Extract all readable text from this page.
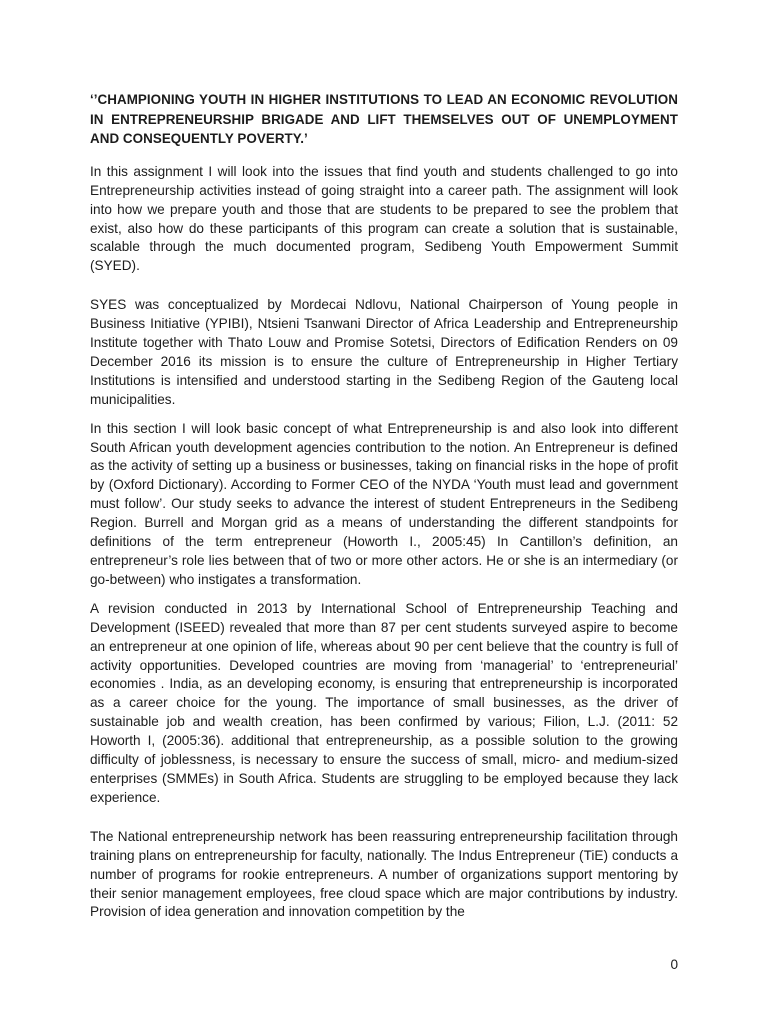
‘’CHAMPIONING YOUTH IN HIGHER INSTITUTIONS TO LEAD AN ECONOMIC REVOLUTION IN ENTREPRENEURSHIP BRIGADE AND LIFT THEMSELVES OUT OF UNEMPLOYMENT AND CONSEQUENTLY POVERTY.’

In this assignment I will look into the issues that find youth and students challenged to go into Entrepreneurship activities instead of going straight into a career path. The assignment will look into how we prepare youth and those that are students to be prepared to see the problem that exist, also how do these participants of this program can create a solution that is sustainable, scalable through the much documented program, Sedibeng Youth Empowerment Summit (SYED).

SYES was conceptualized by Mordecai Ndlovu, National Chairperson of Young people in Business Initiative (YPIBI), Ntsieni Tsanwani Director of Africa Leadership and Entrepreneurship Institute together with Thato Louw and Promise Sotetsi, Directors of Edification Renders on 09 December 2016 its mission is to ensure the culture of Entrepreneurship in Higher Tertiary Institutions is intensified and understood starting in the Sedibeng Region of the Gauteng local municipalities.

In this section I will look basic concept of what Entrepreneurship is and also look into different South African youth development agencies contribution to the notion. An Entrepreneur is defined as the activity of setting up a business or businesses, taking on financial risks in the hope of profit by (Oxford Dictionary). According to Former CEO of the NYDA ‘Youth must lead and government must follow’. Our study seeks to advance the interest of student Entrepreneurs in the Sedibeng Region. Burrell and Morgan grid as a means of understanding the different standpoints for definitions of the term entrepreneur (Howorth I., 2005:45) In Cantillon’s definition, an entrepreneur’s role lies between that of two or more other actors. He or she is an intermediary (or go-between) who instigates a transformation.

A revision conducted in 2013 by International School of Entrepreneurship Teaching and Development (ISEED) revealed that more than 87 per cent students surveyed aspire to become an entrepreneur at one opinion of life, whereas about 90 per cent believe that the country is full of activity opportunities. Developed countries are moving from ‘managerial’ to ‘entrepreneurial’ economies . India, as an developing economy, is ensuring that entrepreneurship is incorporated as a career choice for the young. The importance of small businesses, as the driver of sustainable job and wealth creation, has been confirmed by various; Filion, L.J. (2011: 52 Howorth I, (2005:36). additional that entrepreneurship, as a possible solution to the growing difficulty of joblessness, is necessary to ensure the success of small, micro- and medium-sized enterprises (SMMEs) in South Africa. Students are struggling to be employed because they lack experience.

The National entrepreneurship network has been reassuring entrepreneurship facilitation through training plans on entrepreneurship for faculty, nationally. The Indus Entrepreneur (TiE) conducts a number of programs for rookie entrepreneurs. A number of organizations support mentoring by their senior management employees, free cloud space which are major contributions by industry. Provision of idea generation and innovation competition by the

0
